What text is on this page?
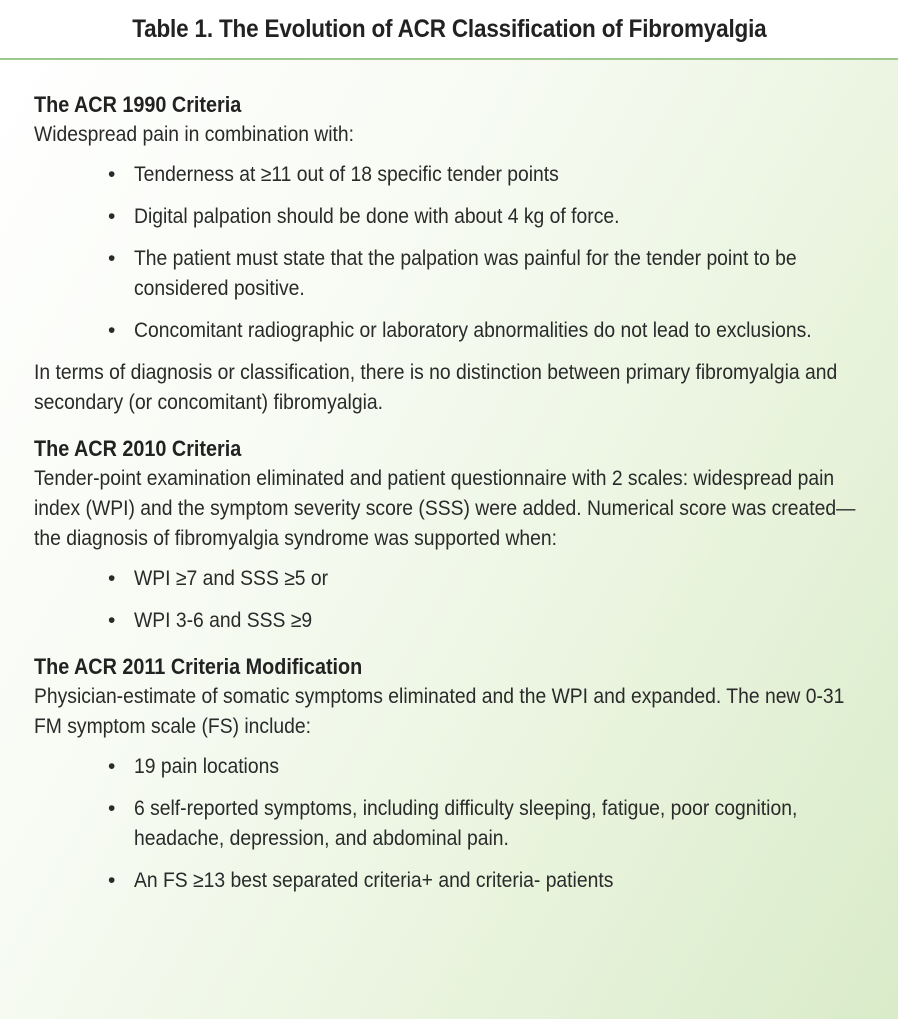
Table 1. The Evolution of ACR Classification of Fibromyalgia
The ACR 1990 Criteria
Widespread pain in combination with:
• Tenderness at ≥11 out of 18 specific tender points
• Digital palpation should be done with about 4 kg of force.
• The patient must state that the palpation was painful for the tender point to be considered positive.
• Concomitant radiographic or laboratory abnormalities do not lead to exclusions.
In terms of diagnosis or classification, there is no distinction between primary fibromyalgia and secondary (or concomitant) fibromyalgia.
The ACR 2010 Criteria
Tender-point examination eliminated and patient questionnaire with 2 scales: widespread pain index (WPI) and the symptom severity score (SSS) were added. Numerical score was created—the diagnosis of fibromyalgia syndrome was supported when:
• WPI ≥7 and SSS ≥5 or
• WPI 3-6 and SSS ≥9
The ACR 2011 Criteria Modification
Physician-estimate of somatic symptoms eliminated and the WPI and expanded. The new 0-31 FM symptom scale (FS) include:
• 19 pain locations
• 6 self-reported symptoms, including difficulty sleeping, fatigue, poor cognition, headache, depression, and abdominal pain.
• An FS ≥13 best separated criteria+ and criteria- patients
